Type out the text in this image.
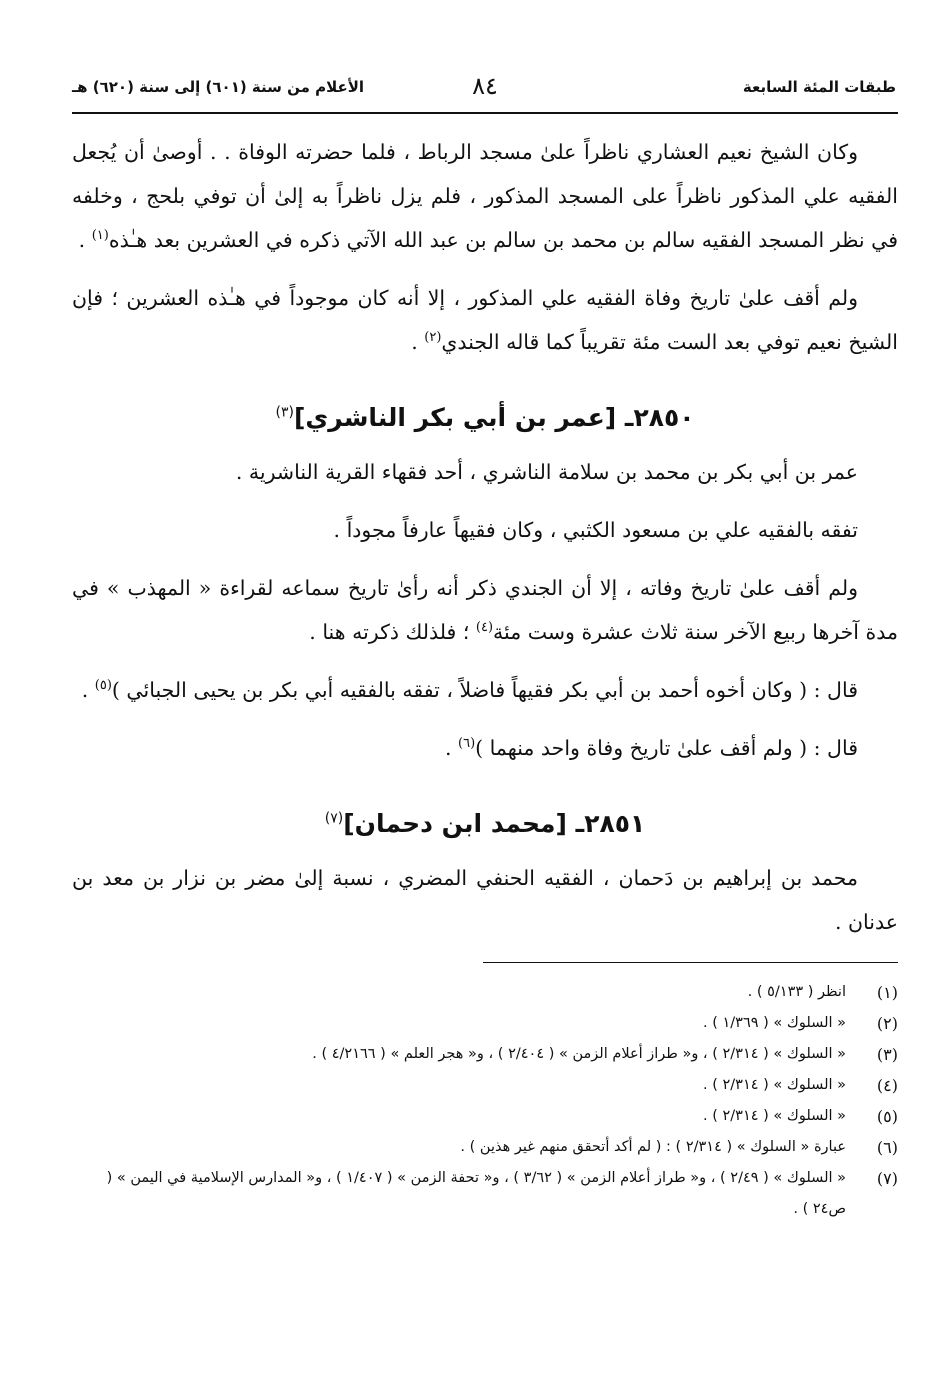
طبقات المئة السابعة
٨٤
الأعلام من سنة (٦٠١) إلى سنة (٦٢٠) هـ

وكان الشيخ نعيم العشاري ناظراً علىٰ مسجد الرباط ، فلما حضرته الوفاة . . أوصىٰ أن يُجعل الفقيه علي المذكور ناظراً على المسجد المذكور ، فلم يزل ناظراً به إلىٰ أن توفي بلحج ، وخلفه في نظر المسجد الفقيه سالم بن محمد بن سالم بن عبد الله الآتي ذكره في العشرين بعد هـٰذه$^{(١)}$ .

ولم أقف علىٰ تاريخ وفاة الفقيه علي المذكور ، إلا أنه كان موجوداً في هـٰذه العشرين ؛ فإن الشيخ نعيم توفي بعد الست مئة تقريباً كما قاله الجندي$^{(٢)}$ .

٢٨٥٠ـ [عمر بن أبي بكر الناشري]$^{(٣)}$

عمر بن أبي بكر بن محمد بن سلامة الناشري ، أحد فقهاء القرية الناشرية .

تفقه بالفقيه علي بن مسعود الكثبي ، وكان فقيهاً عارفاً مجوداً .

ولم أقف علىٰ تاريخ وفاته ، إلا أن الجندي ذكر أنه رأىٰ تاريخ سماعه لقراءة « المهذب » في مدة آخرها ربيع الآخر سنة ثلاث عشرة وست مئة$^{(٤)}$ ؛ فلذلك ذكرته هنا .

قال : ( وكان أخوه أحمد بن أبي بكر فقيهاً فاضلاً ، تفقه بالفقيه أبي بكر بن يحيى الجبائي )$^{(٥)}$ .

قال : ( ولم أقف علىٰ تاريخ وفاة واحد منهما )$^{(٦)}$ .

٢٨٥١ـ [محمد ابن دحمان]$^{(٧)}$

محمد بن إبراهيم بن دَحمان ، الفقيه الحنفي المضري ، نسبة إلىٰ مضر بن نزار بن معد بن عدنان .

(١)
انظر ( ٥/١٣٣ ) .
(٢)
« السلوك » ( ١/٣٦٩ ) .
(٣)
« السلوك » ( ٢/٣١٤ ) ، و« طراز أعلام الزمن » ( ٢/٤٠٤ ) ، و« هجر العلم » ( ٤/٢١٦٦ ) .
(٤)
« السلوك » ( ٢/٣١٤ ) .
(٥)
« السلوك » ( ٢/٣١٤ ) .
(٦)
عبارة « السلوك » ( ٢/٣١٤ ) : ( لم أكد أتحقق منهم غير هذين ) .
(٧)
« السلوك » ( ٢/٤٩ ) ، و« طراز أعلام الزمن » ( ٣/٦٢ ) ، و« تحفة الزمن » ( ١/٤٠٧ ) ، و« المدارس الإسلامية في اليمن » ( ص٢٤ ) .
